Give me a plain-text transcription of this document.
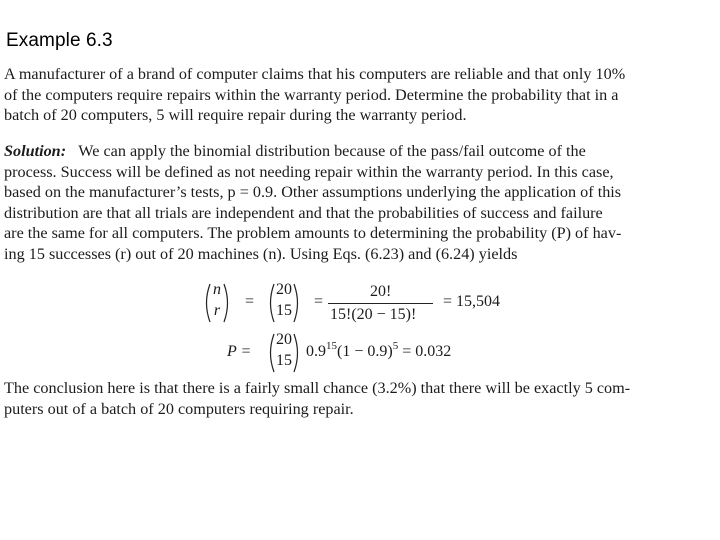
Example 6.3
A manufacturer of a brand of computer claims that his computers are reliable and that only 10%
of the computers require repairs within the warranty period. Determine the probability that in a
batch of 20 computers, 5 will require repair during the warranty period.
Solution: We can apply the binomial distribution because of the pass/fail outcome of the
process. Success will be defined as not needing repair within the warranty period. In this case,
based on the manufacturer’s tests, p = 0.9. Other assumptions underlying the application of this
distribution are that all trials are independent and that the probabilities of success and failure
are the same for all computers. The problem amounts to determining the probability (P) of hav-
ing 15 successes (r) out of 20 machines (n). Using Eqs. (6.23) and (6.24) yields
n
r
=
20
15
=
20!
15!(20 − 15)!
= 15,504
P =
20
15
$0.9^{15}(1 - 0.9)^5 = 0.032$
The conclusion here is that there is a fairly small chance (3.2%) that there will be exactly 5 com-
puters out of a batch of 20 computers requiring repair.
